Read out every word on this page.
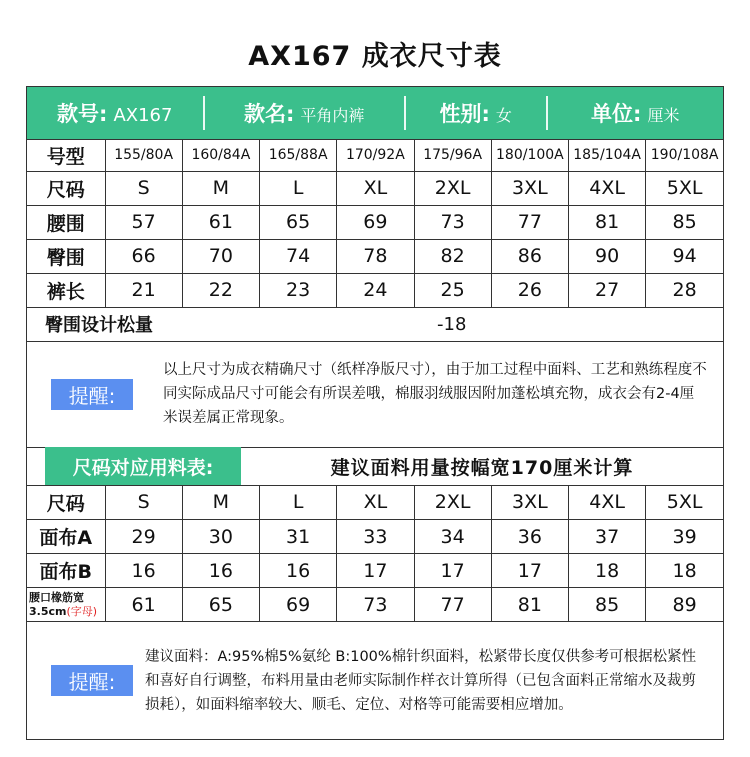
AX167 成衣尺寸表
款号: AX167	款名: 平角内裤	性别: 女	单位: 厘米
号型	155/80A	160/84A	165/88A	170/92A	175/96A	180/100A	185/104A	190/108A
尺码	S	M	L	XL	2XL	3XL	4XL	5XL
腰围	57	61	65	69	73	77	81	85
臀围	66	70	74	78	82	86	90	94
裤长	21	22	23	24	25	26	27	28
臀围设计松量	-18
提醒:
以上尺寸为成衣精确尺寸（纸样净版尺寸），由于加工过程中面料、工艺和熟练程度不同实际成品尺寸可能会有所误差哦，棉服羽绒服因附加蓬松填充物，成衣会有2-4厘米误差属正常现象。
尺码对应用料表:	建议面料用量按幅宽170厘米计算
尺码	S	M	L	XL	2XL	3XL	4XL	5XL
面布A	29	30	31	33	34	36	37	39
面布B	16	16	16	17	17	17	18	18

腰口橡筋宽
3.5cm(字母)	61	65	69	73	77	81	85	89
提醒:
建议面料：A:95%棉5%氨纶 B:100%棉针织面料，松紧带长度仅供参考可根据松紧性和喜好自行调整，布料用量由老师实际制作样衣计算所得（已包含面料正常缩水及裁剪损耗），如面料缩率较大、顺毛、定位、对格等可能需要相应增加。
